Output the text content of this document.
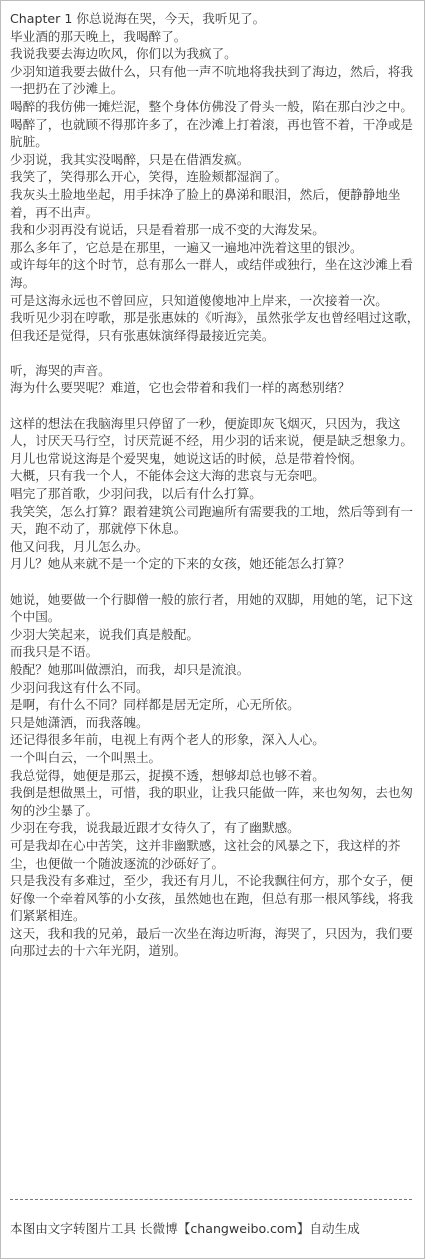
Chapter 1 你总说海在哭，今天，我听见了。
毕业酒的那天晚上，我喝醉了。
我说我要去海边吹风，你们以为我疯了。
少羽知道我要去做什么，只有他一声不吭地将我扶到了海边，然后，将我一把扔在了沙滩上。
喝醉的我仿佛一摊烂泥，整个身体仿佛没了骨头一般，陷在那白沙之中。
喝醉了，也就顾不得那许多了，在沙滩上打着滚，再也管不着，干净或是肮脏。
少羽说，我其实没喝醉，只是在借酒发疯。
我笑了，笑得那么开心，笑得，连脸颊都湿润了。
我灰头土脸地坐起，用手抹净了脸上的鼻涕和眼泪，然后，便静静地坐着，再不出声。
我和少羽再没有说话，只是看着那一成不变的大海发呆。
那么多年了，它总是在那里，一遍又一遍地冲洗着这里的银沙。
或许每年的这个时节，总有那么一群人，或结伴或独行，坐在这沙滩上看海。
可是这海永远也不曾回应，只知道傻傻地冲上岸来，一次接着一次。
我听见少羽在哼歌，那是张惠妹的《听海》，虽然张学友也曾经唱过这歌，但我还是觉得，只有张惠妹演绎得最接近完美。
听，海哭的声音。
海为什么要哭呢？难道，它也会带着和我们一样的离愁别绪？
这样的想法在我脑海里只停留了一秒，便旋即灰飞烟灭，只因为，我这人，讨厌天马行空，讨厌荒诞不经，用少羽的话来说，便是缺乏想象力。
月儿也常说这海是个爱哭鬼，她说这话的时候，总是带着怜悯。
大概，只有我一个人，不能体会这大海的悲哀与无奈吧。
唱完了那首歌，少羽问我，以后有什么打算。
我笑笑，怎么打算？跟着建筑公司跑遍所有需要我的工地，然后等到有一天，跑不动了，那就停下休息。
他又问我，月儿怎么办。
月儿？她从来就不是一个定的下来的女孩，她还能怎么打算？
她说，她要做一个行脚僧一般的旅行者，用她的双脚，用她的笔，记下这个中国。
少羽大笑起来，说我们真是般配。
而我只是不语。
般配？她那叫做漂泊，而我，却只是流浪。
少羽问我这有什么不同。
是啊，有什么不同？同样都是居无定所，心无所依。
只是她潇洒，而我落魄。
还记得很多年前，电视上有两个老人的形象，深入人心。
一个叫白云，一个叫黑土。
我总觉得，她便是那云，捉摸不透，想够却总也够不着。
我倒是想做黑土，可惜，我的职业，让我只能做一阵，来也匆匆，去也匆匆的沙尘暴了。
少羽在夸我，说我最近跟才女待久了，有了幽默感。
可是我却在心中苦笑，这并非幽默感，这社会的风暴之下，我这样的芥尘，也便做一个随波逐流的沙砾好了。
只是我没有多难过，至少，我还有月儿，不论我飘往何方，那个女子，便好像一个牵着风筝的小女孩，虽然她也在跑，但总有那一根风筝线，将我们紧紧相连。
这天，我和我的兄弟，最后一次坐在海边听海，海哭了，只因为，我们要向那过去的十六年光阴，道别。
本图由文字转图片工具 长微博【changweibo.com】自动生成
